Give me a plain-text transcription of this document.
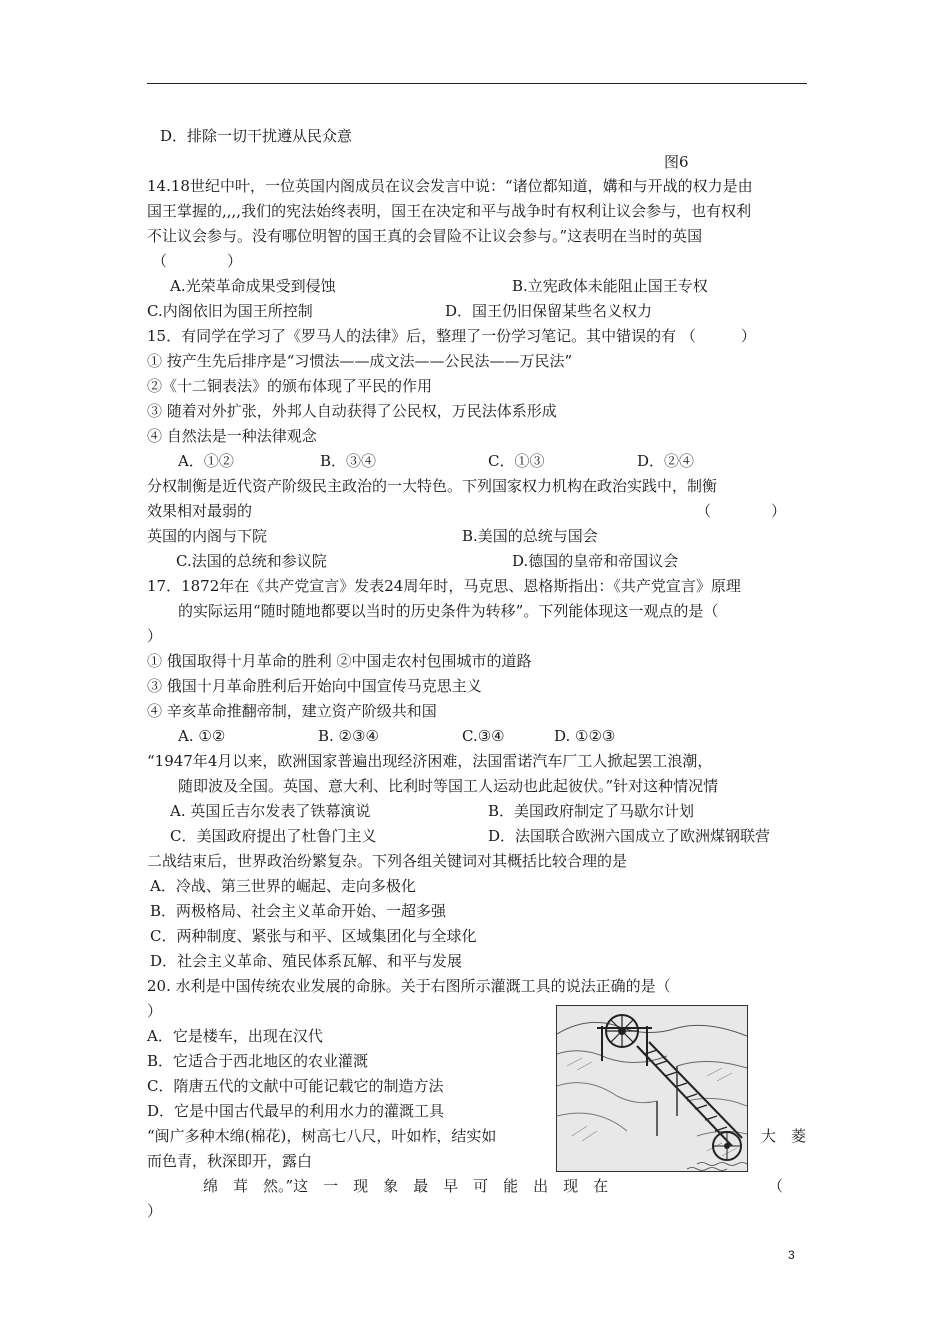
D．排除一切干扰遵从民众意
图6
14.18世纪中叶，一位英国内阁成员在议会发言中说：“诸位都知道，媾和与开战的权力是由
国王掌握的,,,,我们的宪法始终表明，国王在决定和平与战争时有权利让议会参与，也有权利
不让议会参与。没有哪位明智的国王真的会冒险不让议会参与。”这表明在当时的英国
（　　　　）
A.光荣革命成果受到侵蚀	B.立宪政体未能阻止国王专权
C.内阁依旧为国王所控制	D．国王仍旧保留某些名义权力
15．有同学在学习了《罗马人的法律》后，整理了一份学习笔记。其中错误的有 （　　　）
① 按产生先后排序是“习惯法——成文法——公民法——万民法”
②《十二铜表法》的颁布体现了平民的作用
③ 随着对外扩张，外邦人自动获得了公民权，万民法体系形成
④ 自然法是一种法律观念
A．①②	B．③④	C．①③	D．②④
分权制衡是近代资产阶级民主政治的一大特色。下列国家权力机构在政治实践中，制衡
效果相对最弱的	（　　　　）
英国的内阁与下院	B.美国的总统与国会
C.法国的总统和参议院	D.德国的皇帝和帝国议会
17．1872年在《共产党宣言》发表24周年时，马克思、恩格斯指出：《共产党宣言》原理
的实际运用“随时随地都要以当时的历史条件为转移”。下列能体现这一观点的是（
）
① 俄国取得十月革命的胜利 ②中国走农村包围城市的道路
③ 俄国十月革命胜利后开始向中国宣传马克思主义
④ 辛亥革命推翻帝制，建立资产阶级共和国
A. ①②	B. ②③④	C.③④	D. ①②③
“1947年4月以来，欧洲国家普遍出现经济困难，法国雷诺汽车厂工人掀起罢工浪潮，
随即波及全国。英国、意大利、比利时等国工人运动也此起彼伏。”针对这种情况情
A. 英国丘吉尔发表了铁幕演说	B．美国政府制定了马歇尔计划
C．美国政府提出了杜鲁门主义	D．法国联合欧洲六国成立了欧洲煤钢联营
二战结束后，世界政治纷繁复杂。下列各组关键词对其概括比较合理的是
A．冷战、第三世界的崛起、走向多极化
B．两极格局、社会主义革命开始、一超多强
C．两种制度、紧张与和平、区域集团化与全球化
D．社会主义革命、殖民体系瓦解、和平与发展
20. 水利是中国传统农业发展的命脉。关于右图所示灌溉工具的说法正确的是（
）
A．它是楼车，出现在汉代
B．它适合于西北地区的农业灌溉
C．隋唐五代的文献中可能记载它的制造方法
D．它是中国古代最早的利用水力的灌溉工具
“闽广多种木绵(棉花)，树高七八尺，叶如柞，结实如	大　菱
而色青，秋深即开，露白
绵　茸　然。”这　一　现　象　最　早　可　能　出　现　在	（
）
3
